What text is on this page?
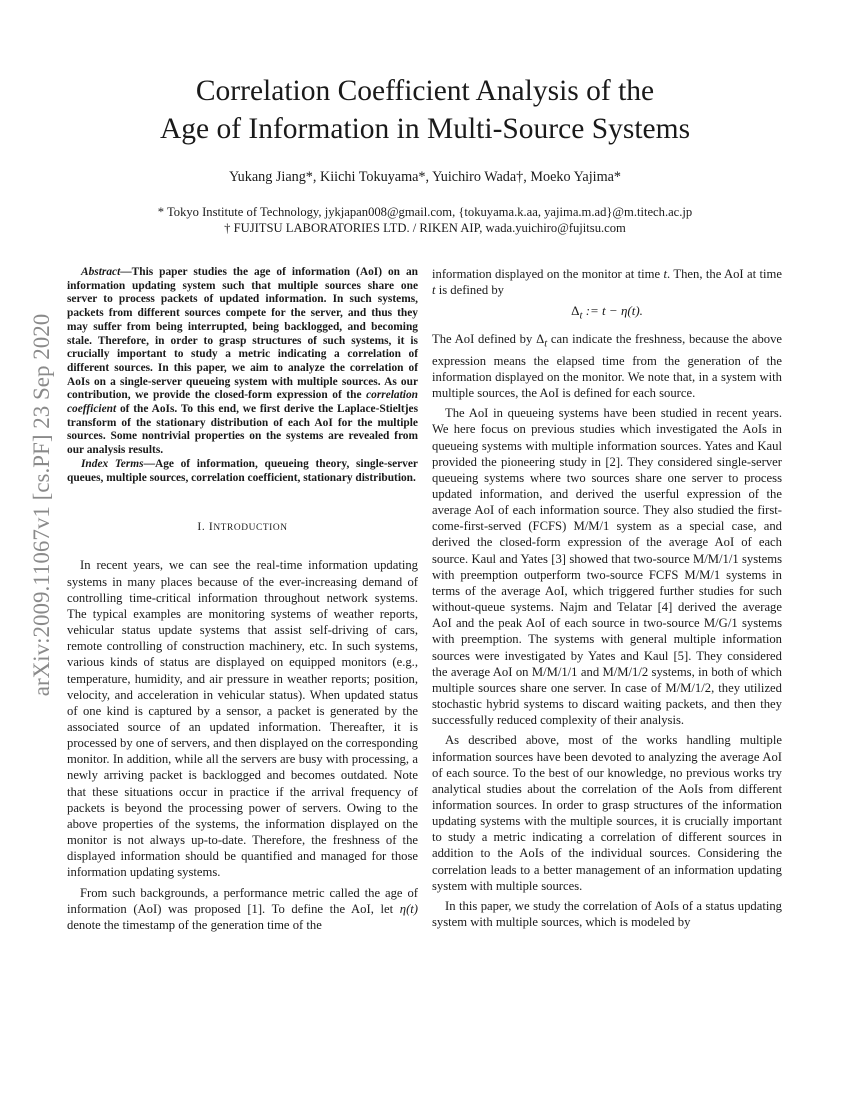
arXiv:2009.11067v1 [cs.PF] 23 Sep 2020
Correlation Coefficient Analysis of the
Age of Information in Multi-Source Systems
Yukang Jiang*, Kiichi Tokuyama*, Yuichiro Wada†, Moeko Yajima*
* Tokyo Institute of Technology, jykjapan008@gmail.com, {tokuyama.k.aa, yajima.m.ad}@m.titech.ac.jp
† FUJITSU LABORATORIES LTD. / RIKEN AIP, wada.yuichiro@fujitsu.com

Abstract—This paper studies the age of information (AoI) on an information updating system such that multiple sources share one server to process packets of updated information. In such systems, packets from different sources compete for the server, and thus they may suffer from being interrupted, being backlogged, and becoming stale. Therefore, in order to grasp structures of such systems, it is crucially important to study a metric indicating a correlation of different sources. In this paper, we aim to analyze the correlation of AoIs on a single-server queueing system with multiple sources. As our contribution, we provide the closed-form expression of the correlation coefficient of the AoIs. To this end, we first derive the Laplace-Stieltjes transform of the stationary distribution of each AoI for the multiple sources. Some nontrivial properties on the systems are revealed from our analysis results.

Index Terms—Age of information, queueing theory, single-server queues, multiple sources, correlation coefficient, stationary distribution.

I. INTRODUCTION

In recent years, we can see the real-time information updating systems in many places because of the ever-increasing demand of controlling time-critical information throughout network systems. The typical examples are monitoring systems of weather reports, vehicular status update systems that assist self-driving of cars, remote controlling of construction machinery, etc. In such systems, various kinds of status are displayed on equipped monitors (e.g., temperature, humidity, and air pressure in weather reports; position, velocity, and acceleration in vehicular status). When updated status of one kind is captured by a sensor, a packet is generated by the associated source of an updated information. Thereafter, it is processed by one of servers, and then displayed on the corresponding monitor. In addition, while all the servers are busy with processing, a newly arriving packet is backlogged and becomes outdated. Note that these situations occur in practice if the arrival frequency of packets is beyond the processing power of servers. Owing to the above properties of the systems, the information displayed on the monitor is not always up-to-date. Therefore, the freshness of the displayed information should be quantified and managed for those information updating systems.

From such backgrounds, a performance metric called the age of information (AoI) was proposed [1]. To define the AoI, let η(t) denote the timestamp of the generation time of the

information displayed on the monitor at time t. Then, the AoI at time t is defined by

$\Delta_t$ := t − η(t).

The AoI defined by $\Delta_t$ can indicate the freshness, because the above expression means the elapsed time from the generation of the information displayed on the monitor. We note that, in a system with multiple sources, the AoI is defined for each source.

The AoI in queueing systems have been studied in recent years. We here focus on previous studies which investigated the AoIs in queueing systems with multiple information sources. Yates and Kaul provided the pioneering study in [2]. They considered single-server queueing systems where two sources share one server to process updated information, and derived the userful expression of the average AoI of each information source. They also studied the first-come-first-served (FCFS) M/M/1 system as a special case, and derived the closed-form expression of the average AoI of each source. Kaul and Yates [3] showed that two-source M/M/1/1 systems with preemption outperform two-source FCFS M/M/1 systems in terms of the average AoI, which triggered further studies for such without-queue systems. Najm and Telatar [4] derived the average AoI and the peak AoI of each source in two-source M/G/1 systems with preemption. The systems with general multiple information sources were investigated by Yates and Kaul [5]. They considered the average AoI on M/M/1/1 and M/M/1/2 systems, in both of which multiple sources share one server. In case of M/M/1/2, they utilized stochastic hybrid systems to discard waiting packets, and then they successfully reduced complexity of their analysis.

As described above, most of the works handling multiple information sources have been devoted to analyzing the average AoI of each source. To the best of our knowledge, no previous works try analytical studies about the correlation of the AoIs from different information sources. In order to grasp structures of the information updating systems with the multiple sources, it is crucially important to study a metric indicating a correlation of different sources in addition to the AoIs of the individual sources. Considering the correlation leads to a better management of an information updating system with multiple sources.

In this paper, we study the correlation of AoIs of a status updating system with multiple sources, which is modeled by
